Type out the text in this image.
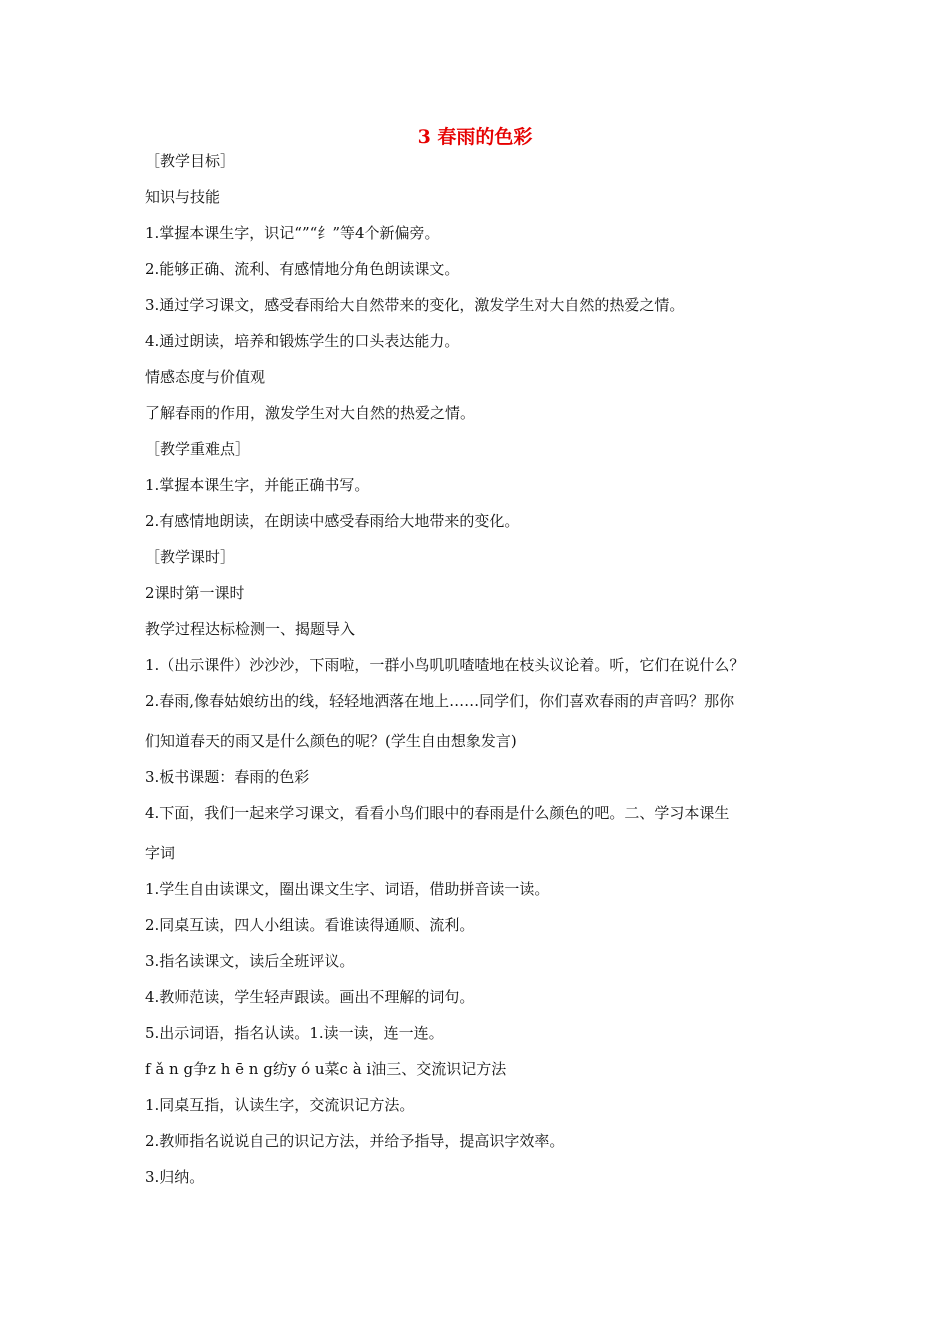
3 春雨的色彩

［教学目标］

知识与技能

1.掌握本课生字，识记“”“纟”等4个新偏旁。

2.能够正确、流利、有感情地分角色朗读课文。

3.通过学习课文，感受春雨给大自然带来的变化，激发学生对大自然的热爱之情。

4.通过朗读，培养和锻炼学生的口头表达能力。

情感态度与价值观

了解春雨的作用，激发学生对大自然的热爱之情。

［教学重难点］

1.掌握本课生字，并能正确书写。

2.有感情地朗读，在朗读中感受春雨给大地带来的变化。

［教学课时］

2课时第一课时

教学过程达标检测一、揭题导入

1.（出示课件）沙沙沙，下雨啦，一群小鸟叽叽喳喳地在枝头议论着。听，它们在说什么？

2.春雨,像春姑娘纺出的线，轻轻地洒落在地上……同学们，你们喜欢春雨的声音吗？那你

们知道春天的雨又是什么颜色的呢？(学生自由想象发言)

3.板书课题：春雨的色彩

4.下面，我们一起来学习课文，看看小鸟们眼中的春雨是什么颜色的吧。二、学习本课生

字词

1.学生自由读课文，圈出课文生字、词语，借助拼音读一读。

2.同桌互读，四人小组读。看谁读得通顺、流利。

3.指名读课文，读后全班评议。

4.教师范读，学生轻声跟读。画出不理解的词句。

5.出示词语，指名认读。1.读一读，连一连。

f ǎ n g争z h ē n g纺y ó u菜c à i油三、交流识记方法

1.同桌互指，认读生字，交流识记方法。

2.教师指名说说自己的识记方法，并给予指导，提高识字效率。

3.归纳。
